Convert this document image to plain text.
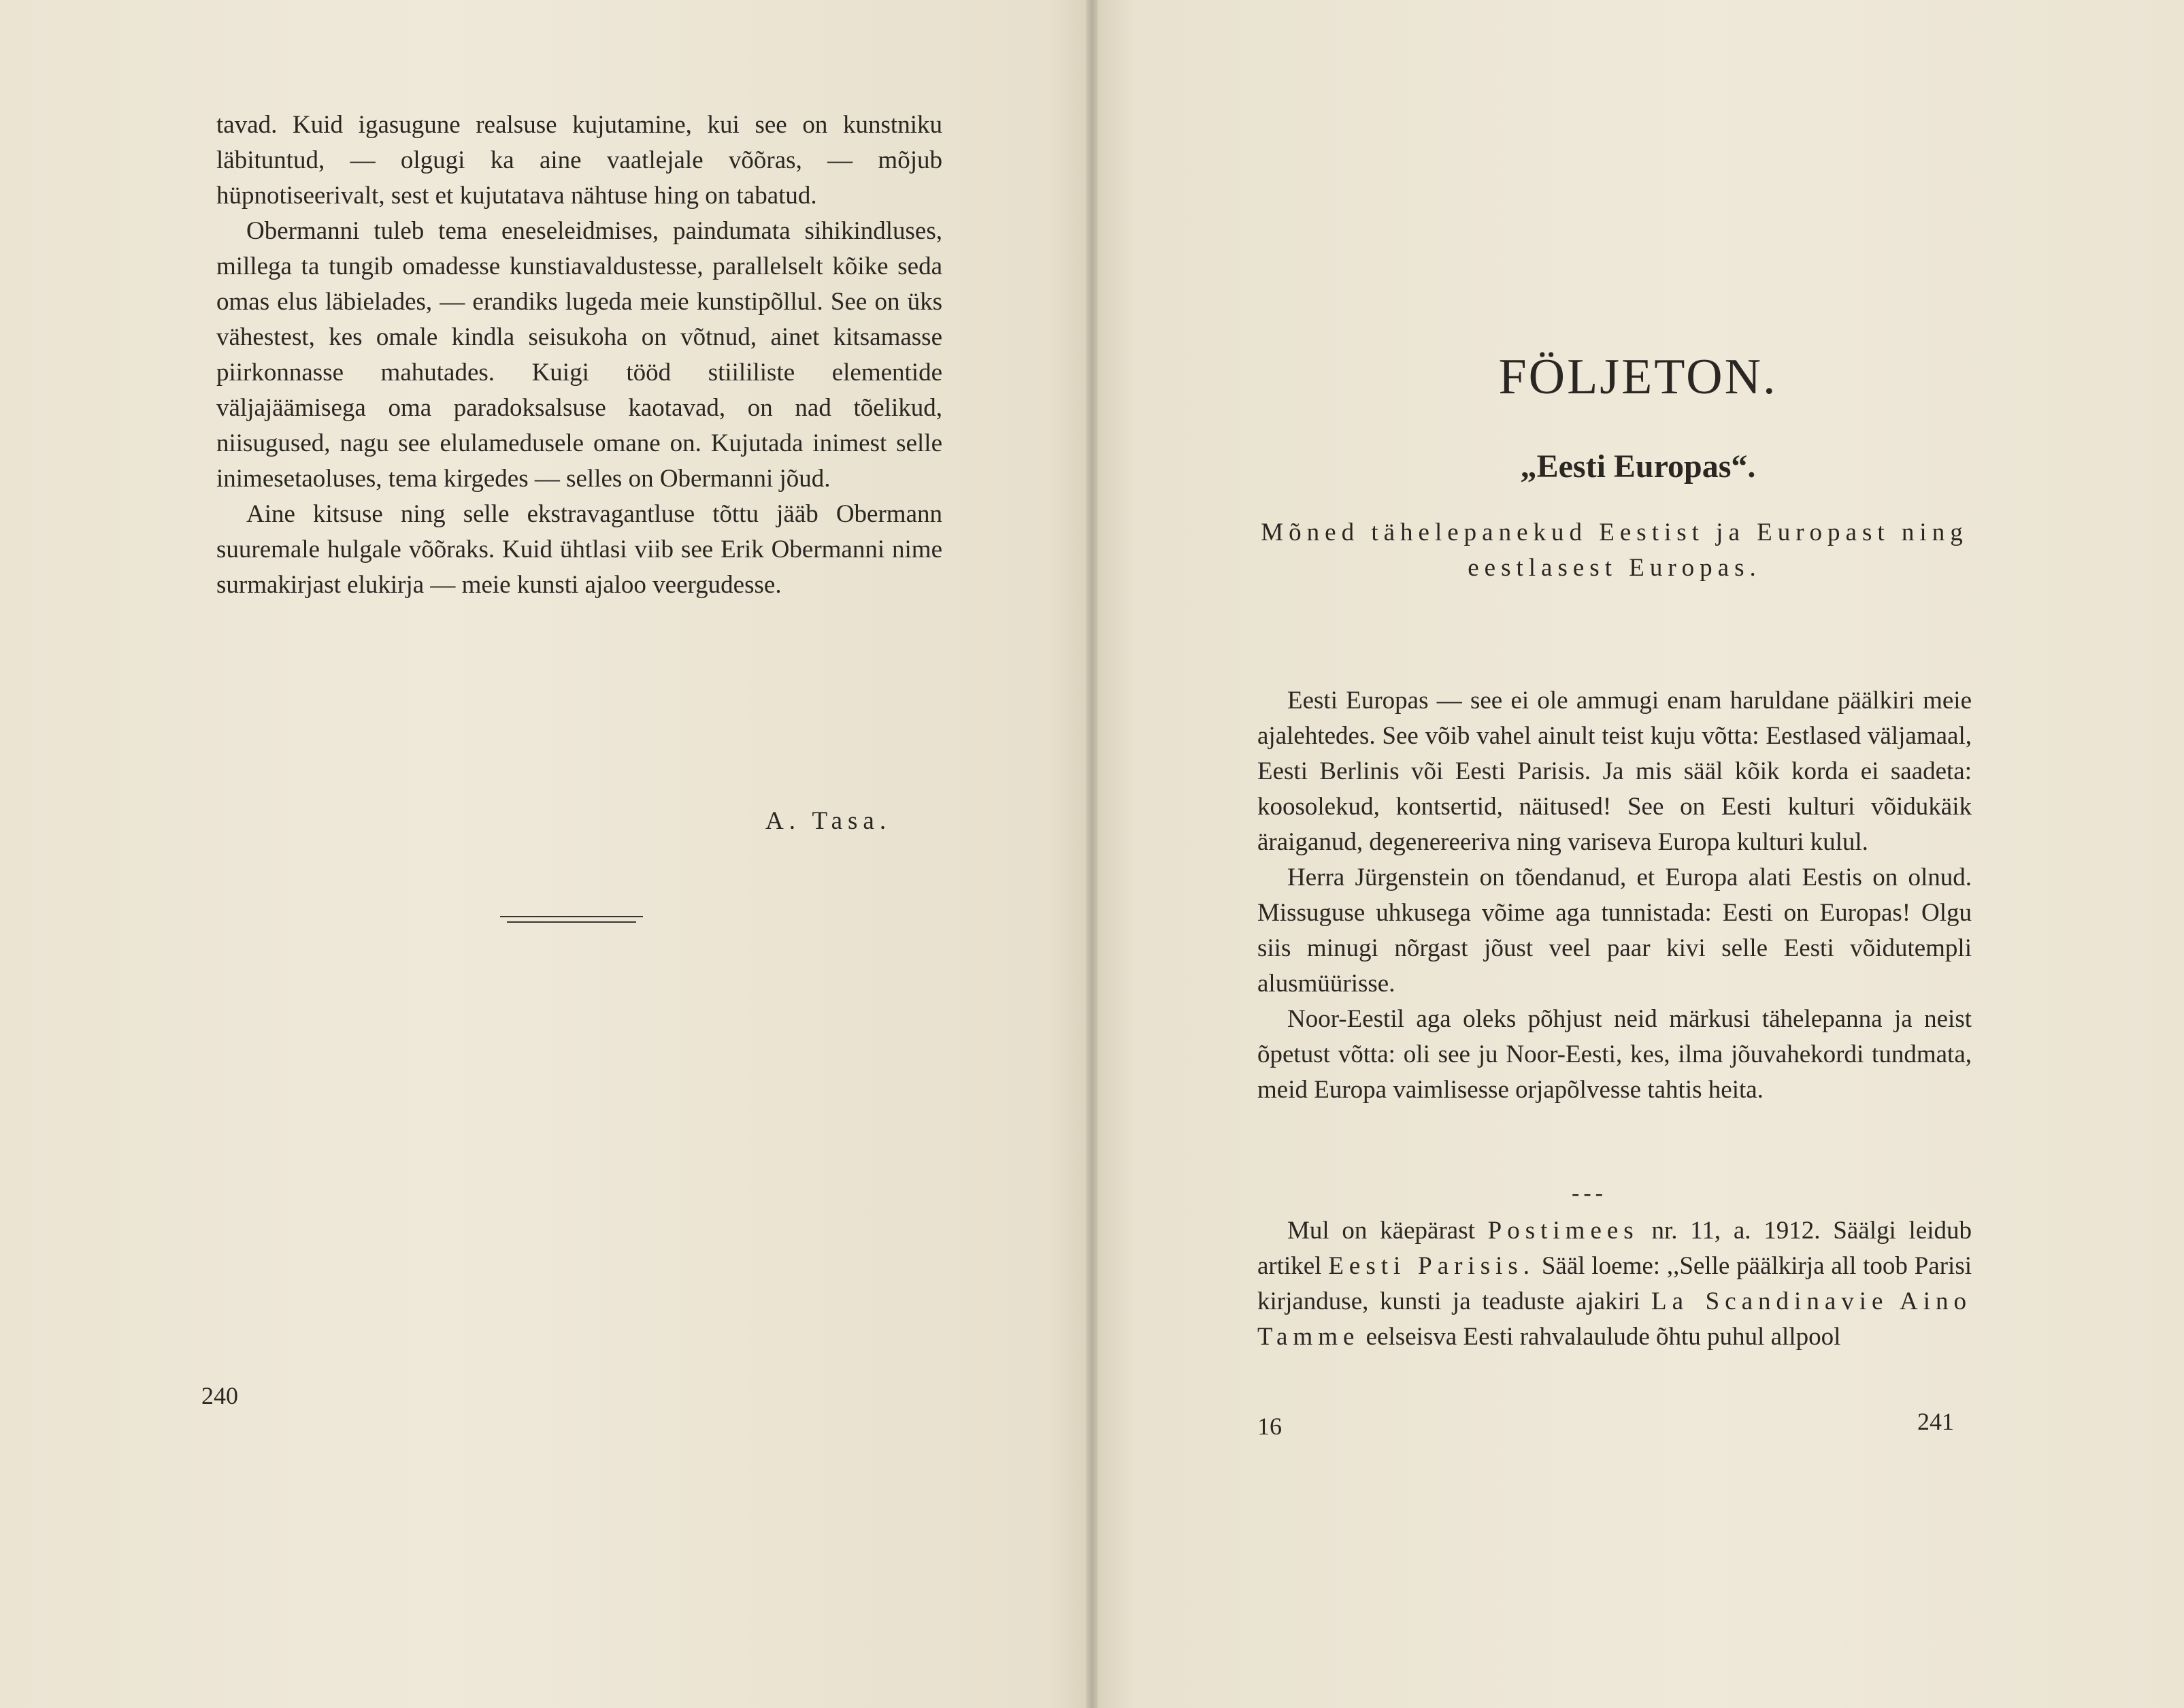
tavad. Kuid igasugune realsuse kujutamine, kui see on kunstniku läbituntud, — olgugi ka aine vaatlejale võõras, — mõjub hüpnotiseerivalt, sest et kujutatava nähtuse hing on tabatud.

Obermanni tuleb tema eneseleidmises, paindumata sihikindluses, millega ta tungib omadesse kunstiavaldustesse, parallelselt kõike seda omas elus läbielades, — erandiks lugeda meie kunstipõllul. See on üks vähestest, kes omale kindla seisukoha on võtnud, ainet kitsamasse piirkonnasse mahutades. Kuigi tööd stiililiste elementide väljajäämisega oma paradoksalsuse kaotavad, on nad tõelikud, niisugused, nagu see elulamedusele omane on. Kujutada inimest selle inimesetaoluses, tema kirgedes — selles on Obermanni jõud.

Aine kitsuse ning selle ekstravagantluse tõttu jääb Obermann suuremale hulgale võõraks. Kuid ühtlasi viib see Erik Obermanni nime surmakirjast elukirja — meie kunsti ajaloo veergudesse.

A. Tasa.
240
FÖLJETON.
„Eesti Europas“.
Mõned tähelepanekud Eestist ja Europast ning eestlasest Europas.

Eesti Europas — see ei ole ammugi enam haruldane päälkiri meie ajalehtedes. See võib vahel ainult teist kuju võtta: Eestlased väljamaal, Eesti Berlinis või Eesti Parisis. Ja mis sääl kõik korda ei saadeta: koosolekud, kontsertid, näitused! See on Eesti kulturi võidukäik äraiganud, degenereeriva ning variseva Europa kulturi kulul.

Herra Jürgenstein on tõendanud, et Europa alati Eestis on olnud. Missuguse uhkusega võime aga tunnistada: Eesti on Europas! Olgu siis minugi nõrgast jõust veel paar kivi selle Eesti võidutempli alusmüürisse.

Noor-Eestil aga oleks põhjust neid märkusi tähelepanna ja neist õpetust võtta: oli see ju Noor-Eesti, kes, ilma jõuvahekordi tundmata, meid Europa vaimlisesse orjapõlvesse tahtis heita.

---

Mul on käepärast Postimees nr. 11, a. 1912. Säälgi leidub artikel Eesti Parisis. Sääl loeme: ,,Selle päälkirja all toob Parisi kirjanduse, kunsti ja teaduste ajakiri La Scandinavie Aino Tamme eelseisva Eesti rahvalaulude õhtu puhul allpool

16	241
